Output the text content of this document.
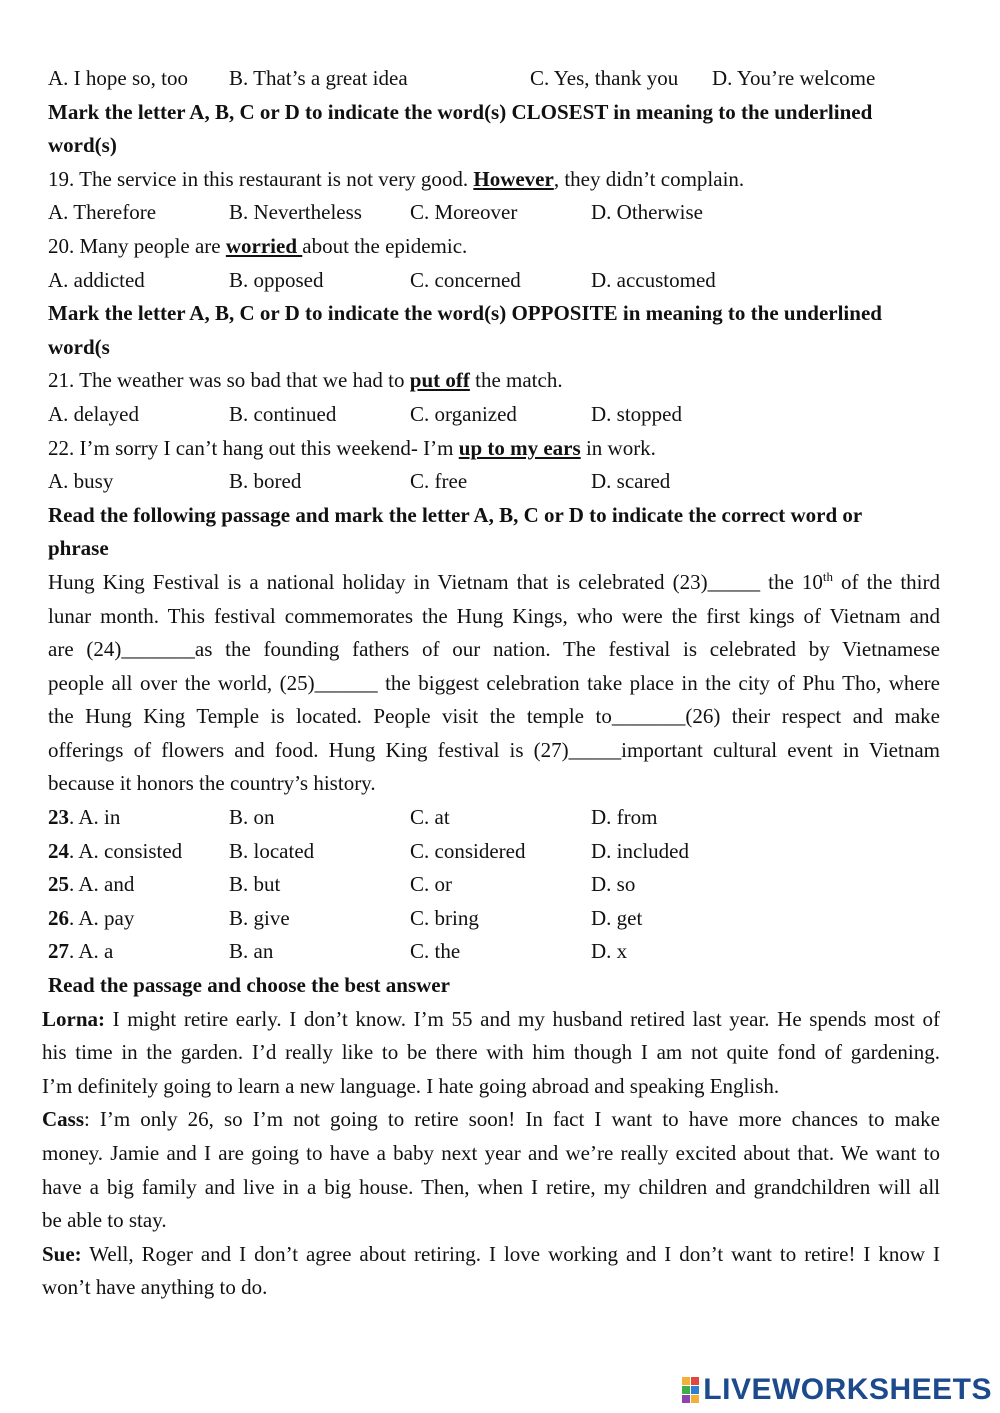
A. I hope so, too	B. That’s a great idea	C. Yes, thank you	D. You’re welcome
Mark the letter A, B, C or D to indicate the word(s) CLOSEST in meaning to the underlined
word(s)
19. The service in this restaurant is not very good. However, they didn’t complain.
A. Therefore	B. Nevertheless	C. Moreover	D. Otherwise
20. Many people are worried about the epidemic.
A. addicted	B. opposed	C. concerned	D. accustomed
Mark the letter A, B, C or D to indicate the word(s) OPPOSITE in meaning to the underlined
word(s
21. The weather was so bad that we had to put off the match.
A. delayed	B. continued	C. organized	D. stopped
22. I’m sorry I can’t hang out this weekend- I’m up to my ears in work.
A. busy	B. bored	C. free	D. scared
Read the following passage and mark the letter A, B, C or D to indicate the correct word or
phrase
Hung King Festival is a national holiday in Vietnam that is celebrated (23)_____ the 10th of the third
lunar month. This festival commemorates the Hung Kings, who were the first kings of Vietnam and
are (24)_______as the founding fathers of our nation. The festival is celebrated by Vietnamese
people all over the world, (25)______ the biggest celebration take place in the city of Phu Tho, where
the Hung King Temple is located. People visit the temple to_______(26) their respect and make
offerings of flowers and food. Hung King festival is (27)_____important cultural event in Vietnam
because it honors the country’s history.
23. A. in	B. on	C. at	D. from
24. A. consisted	B. located	C. considered	D. included
25. A. and	B. but	C. or	D. so
26. A. pay	B. give	C. bring	D. get
27. A. a	B. an	C. the	D. x
Read the passage and choose the best answer
Lorna: I might retire early. I don’t know. I’m 55 and my husband retired last year. He spends most of
his time in the garden. I’d really like to be there with him though I am not quite fond of gardening.
I’m definitely going to learn a new language. I hate going abroad and speaking English.
Cass: I’m only 26, so I’m not going to retire soon! In fact I want to have more chances to make
money. Jamie and I are going to have a baby next year and we’re really excited about that. We want to
have a big family and live in a big house. Then, when I retire, my children and grandchildren will all
be able to stay.
Sue: Well, Roger and I don’t agree about retiring. I love working and I don’t want to retire! I know I
won’t have anything to do.
LIVEWORKSHEETS
